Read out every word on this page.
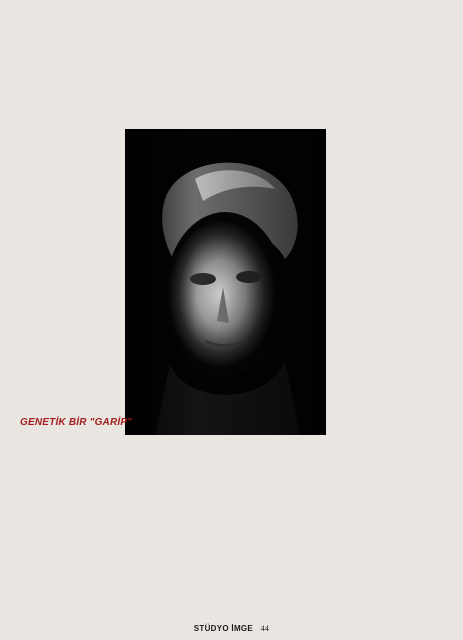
GENETİK BİR "GARİP"
STÜDYO İMGE 44
